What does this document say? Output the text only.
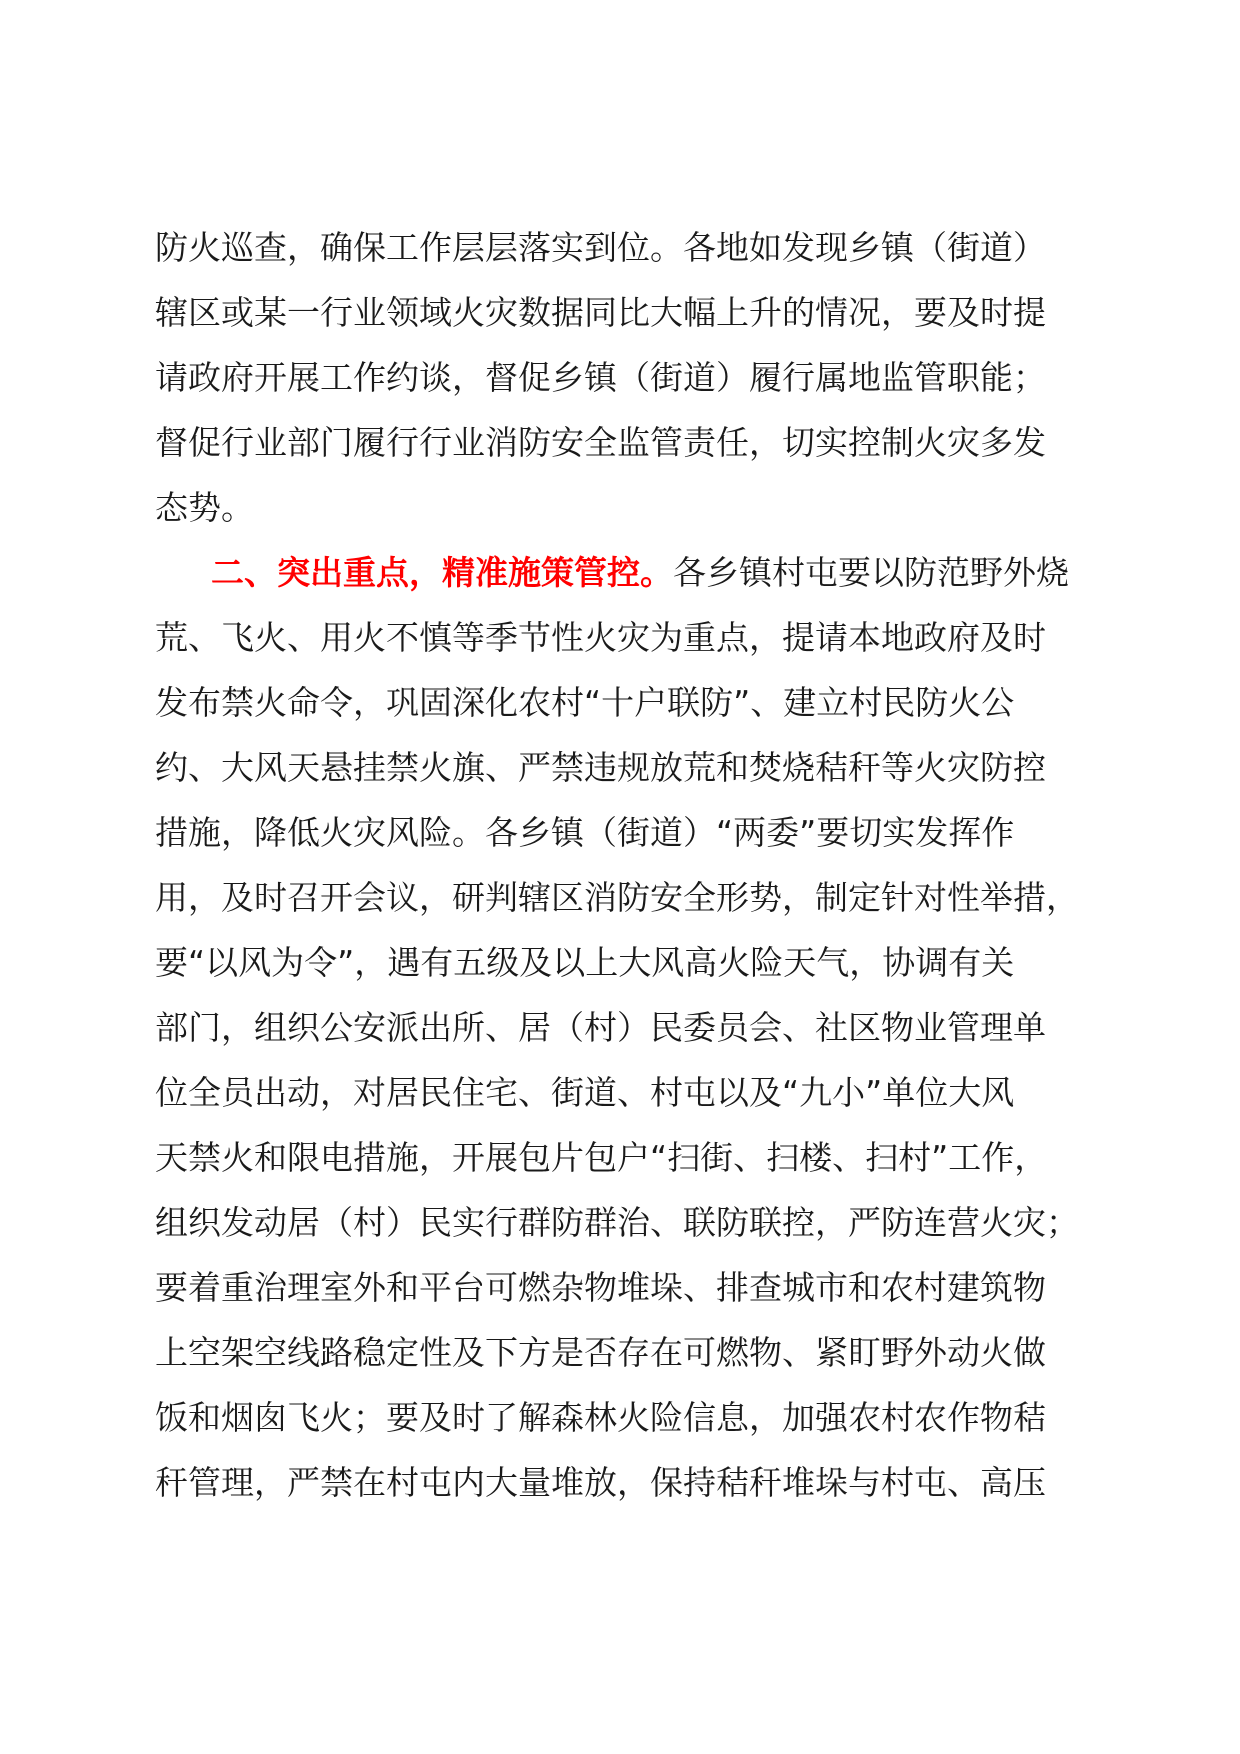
防火巡查，确保工作层层落实到位。各地如发现乡镇（街道）
辖区或某一行业领域火灾数据同比大幅上升的情况，要及时提
请政府开展工作约谈，督促乡镇（街道）履行属地监管职能；
督促行业部门履行行业消防安全监管责任，切实控制火灾多发
态势。
二、突出重点，精准施策管控。各乡镇村屯要以防范野外烧
荒、飞火、用火不慎等季节性火灾为重点，提请本地政府及时
发布禁火命令，巩固深化农村“十户联防”、建立村民防火公
约、大风天悬挂禁火旗、严禁违规放荒和焚烧秸秆等火灾防控
措施，降低火灾风险。各乡镇（街道）“两委”要切实发挥作
用，及时召开会议，研判辖区消防安全形势，制定针对性举措，
要“以风为令”，遇有五级及以上大风高火险天气，协调有关
部门，组织公安派出所、居（村）民委员会、社区物业管理单
位全员出动，对居民住宅、街道、村屯以及“九小”单位大风
天禁火和限电措施，开展包片包户“扫街、扫楼、扫村”工作，
组织发动居（村）民实行群防群治、联防联控，严防连营火灾；
要着重治理室外和平台可燃杂物堆垛、排查城市和农村建筑物
上空架空线路稳定性及下方是否存在可燃物、紧盯野外动火做
饭和烟囱飞火；要及时了解森林火险信息，加强农村农作物秸
秆管理，严禁在村屯内大量堆放，保持秸秆堆垛与村屯、高压
